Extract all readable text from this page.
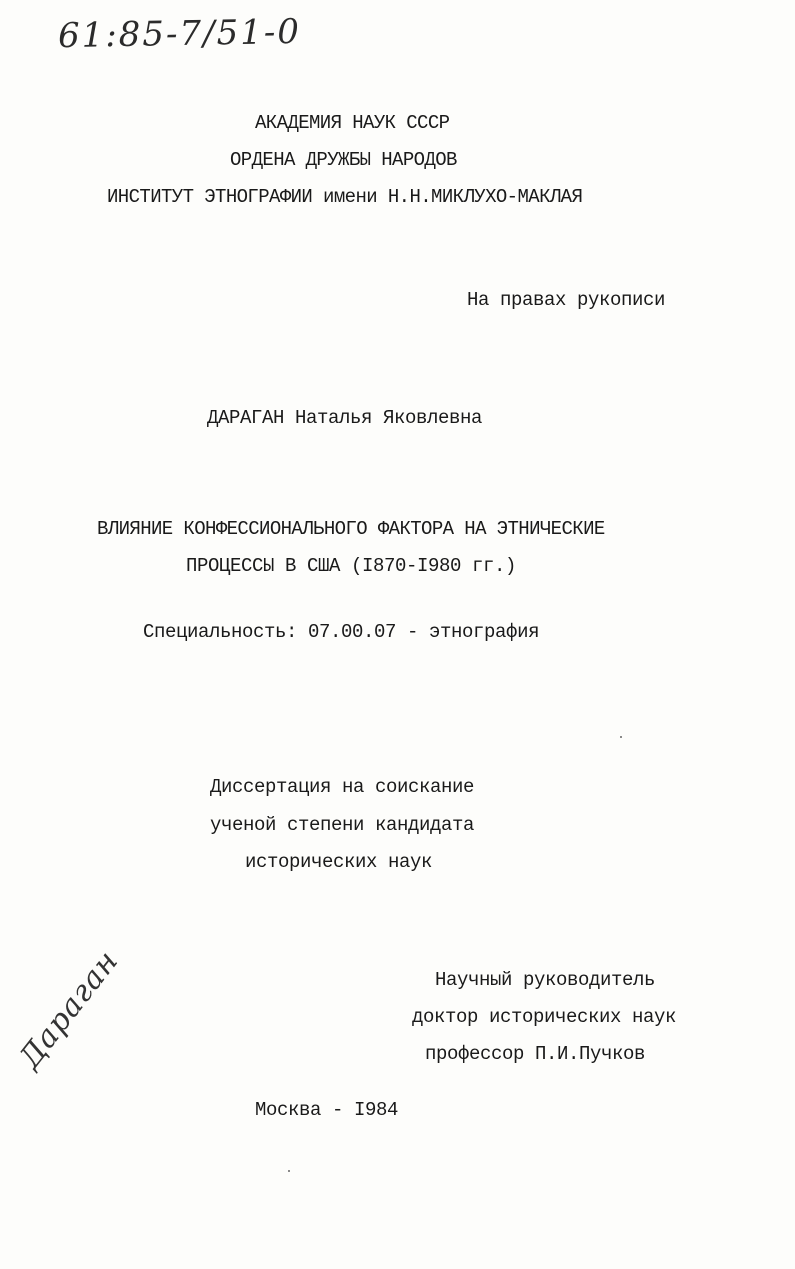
61:85-7/51-0
АКАДЕМИЯ НАУК СССР
ОРДЕНА ДРУЖБЫ НАРОДОВ
ИНСТИТУТ ЭТНОГРАФИИ имени Н.Н.МИКЛУХО-МАКЛАЯ
На правах рукописи
ДАРАГАН Наталья Яковлевна
ВЛИЯНИЕ КОНФЕССИОНАЛЬНОГО ФАКТОРА НА ЭТНИЧЕСКИЕ
ПРОЦЕССЫ В США (I870-I980 гг.)
Специальность: 07.00.07 - этнография
Диссертация на соискание
ученой степени кандидата
исторических наук
Научный руководитель
доктор исторических наук
профессор П.И.Пучков
Дараган
Москва - I984
